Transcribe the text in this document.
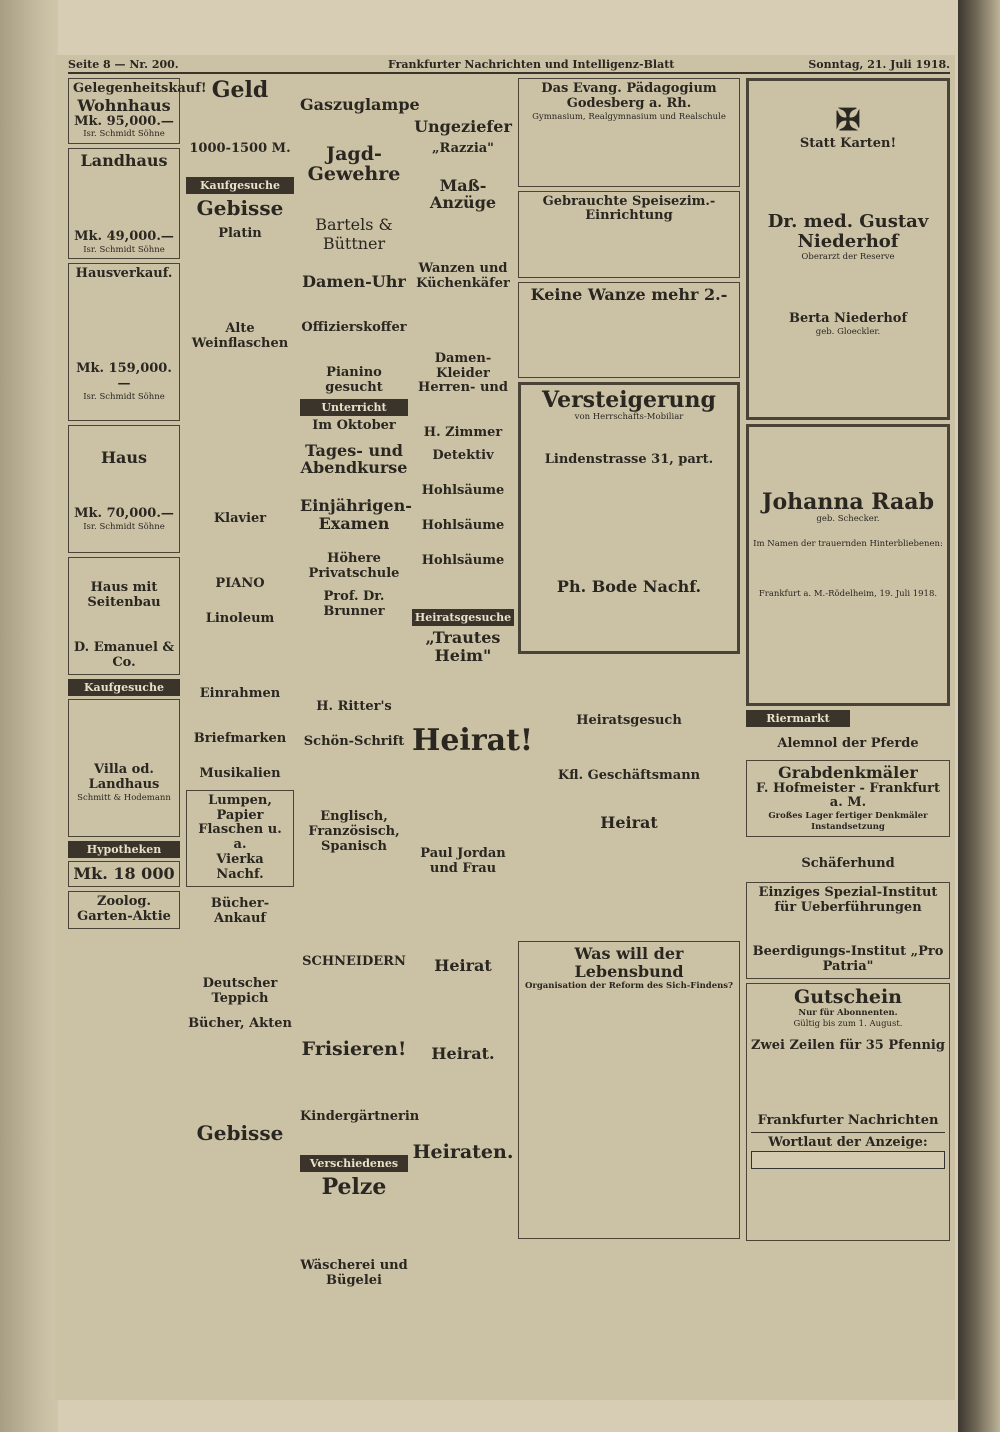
Seite 8 — Nr. 200.	Frankfurter Nachrichten und Intelligenz-Blatt	Sonntag, 21. Juli 1918.
Gelegenheitskauf!
Wohnhaus
Mk. 95,000.—
Isr. Schmidt Söhne
Landhaus
Mk. 49,000.—
Isr. Schmidt Söhne
Hausverkauf.
Mk. 159,000.—
Isr. Schmidt Söhne
Haus
Mk. 70,000.—
Isr. Schmidt Söhne
Haus mit Seitenbau
D. Emanuel & Co.
Kaufgesuche
Villa od. Landhaus
Schmitt & Hodemann
Hypotheken
Mk. 18 000
Zoolog. Garten-Aktie
Geld
1000-1500 M.
Kaufgesuche
Gebisse
Platin
Alte Weinflaschen
Klavier
PIANO
Linoleum
Einrahmen
Briefmarken
Musikalien
Lumpen, Papier
Flaschen u. a.
Vierka Nachf.
Bücher-Ankauf
Deutscher Teppich
Bücher, Akten
Gebisse
Gaszuglampe
Jagd-Gewehre
Bartels & Büttner
Damen-Uhr
Offizierskoffer
Pianino gesucht
Unterricht
Im Oktober
Tages- und Abendkurse
Einjährigen-Examen
Höhere Privatschule
Prof. Dr. Brunner
H. Ritter's
Schön-Schrift
Englisch, Französisch, Spanisch
SCHNEIDERN
Frisieren!
Kindergärtnerin
Verschiedenes
Pelze
Wäscherei und Bügelei
Ungeziefer
„Razzia"
Maß-Anzüge
Wanzen und Küchenkäfer
Damen-Kleider Herren- und
H. Zimmer
Detektiv
Hohlsäume
Hohlsäume
Hohlsäume
Heiratsgesuche
„Trautes Heim"
Heirat!
Paul Jordan und Frau
Heirat
Heirat.
Heiraten.
Das Evang. Pädagogium Godesberg a. Rh.
Gymnasium, Realgymnasium und Realschule
Gebrauchte Speisezim.-Einrichtung
Keine Wanze mehr 2.-
Versteigerung
von Herrschafts-Mobiliar
Lindenstrasse 31, part.
Ph. Bode Nachf.
Heiratsgesuch
Kfl. Geschäftsmann
Heirat
Was will der Lebensbund
Organisation der Reform des Sich-Findens?
✠
Statt Karten!
Dr. med. Gustav Niederhof
Oberarzt der Reserve
Berta Niederhof
geb. Gloeckler.
Johanna Raab
geb. Schecker.
Im Namen der trauernden Hinterbliebenen:
Frankfurt a. M.-Rödelheim, 19. Juli 1918.
Riermarkt
Alemnol der Pferde
Grabdenkmäler
F. Hofmeister - Frankfurt a. M.
Großes Lager fertiger Denkmäler
Instandsetzung
Schäferhund
Einziges Spezial-Institut für Ueberführungen
Beerdigungs-Institut „Pro Patria"
Gutschein
Nur für Abonnenten.
Gültig bis zum 1. August.
Zwei Zeilen für 35 Pfennig
Frankfurter Nachrichten
Wortlaut der Anzeige:
